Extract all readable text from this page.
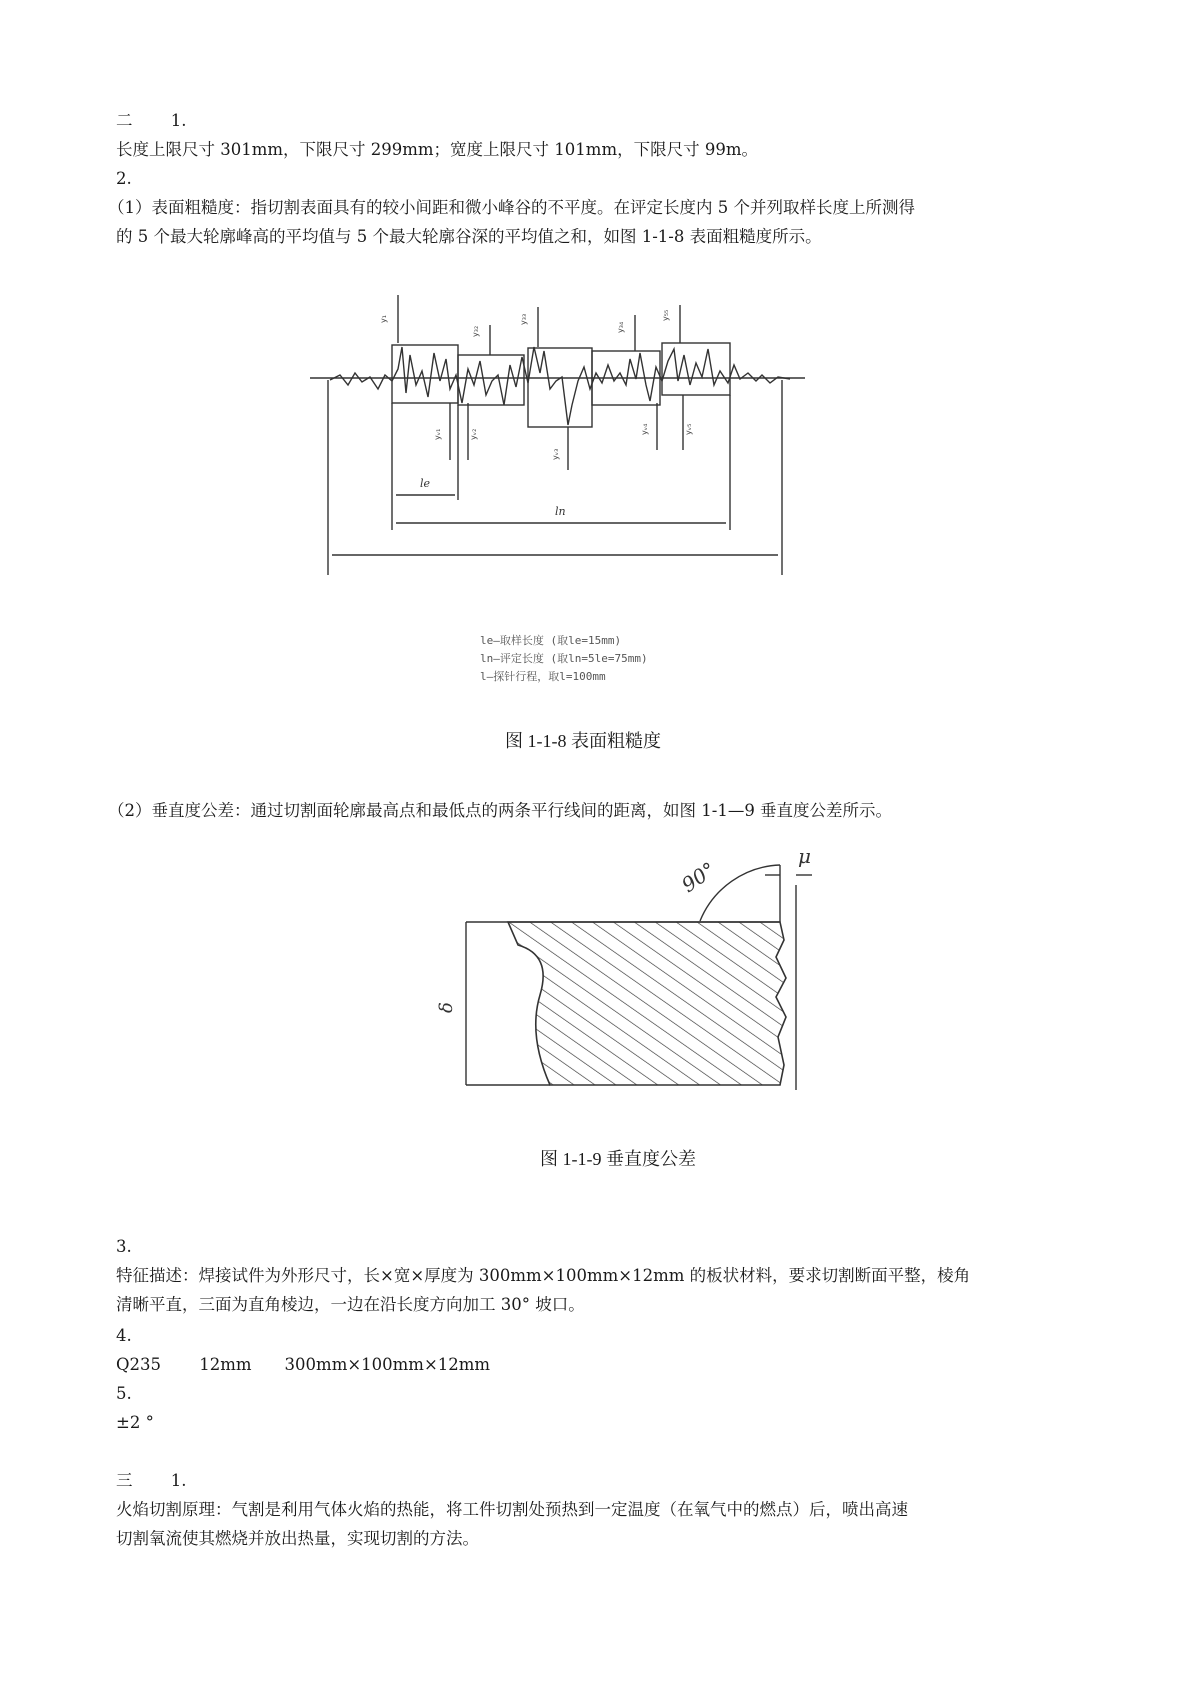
二　　 1.
长度上限尺寸 301mm，下限尺寸 299mm；宽度上限尺寸 101mm，下限尺寸 99m。
2.
（1）表面粗糙度：指切割表面具有的较小间距和微小峰谷的不平度。在评定长度内 5 个并列取样长度上所测得
的 5 个最大轮廓峰高的平均值与 5 个最大轮廓谷深的平均值之和，如图 1-1-8 表面粗糙度所示。
y₁
y₃₂
y₃₃
y₃₄
y₅₅
yᵥ₁	yᵥ₂
yᵥ₃
yᵥ₄	yᵥ₅
le
ln
le—取样长度 (取le=15mm)
ln—评定长度 (取ln=5le=75mm)
l—探针行程，取l=100mm
图 1-1-8 表面粗糙度
（2）垂直度公差：通过切割面轮廓最高点和最低点的两条平行线间的距离，如图 1-1—9 垂直度公差所示。
90°
μ
δ
图 1-1-9 垂直度公差
3.
特征描述：焊接试件为外形尺寸，长×宽×厚度为 300mm×100mm×12mm 的板状材料，要求切割断面平整，棱角
清晰平直，三面为直角棱边，一边在沿长度方向加工 30° 坡口。
4.
Q235　　 12mm　　300mm×100mm×12mm
5.
±2 °
三　　 1.
火焰切割原理：气割是利用气体火焰的热能，将工件切割处预热到一定温度（在氧气中的燃点）后，喷出高速
切割氧流使其燃烧并放出热量，实现切割的方法。
